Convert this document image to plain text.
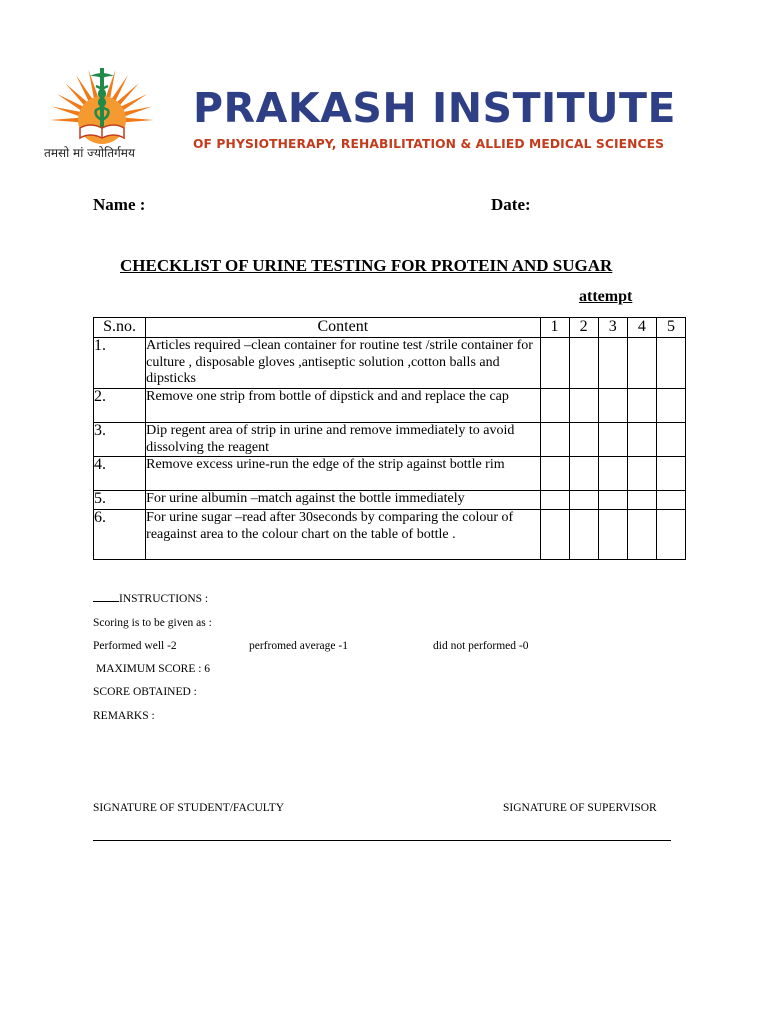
तमसो मां ज्योतिर्गमय
PRAKASH INSTITUTE
OF PHYSIOTHERAPY, REHABILITATION & ALLIED MEDICAL SCIENCES
Name :	Date:
CHECKLIST OF URINE TESTING FOR PROTEIN AND SUGAR
attempt
S.no.	Content	1	2	3	4	5
1.	Articles required –clean container for routine test /strile container for culture , disposable gloves ,antiseptic solution ,cotton balls and dipsticks					
2.	Remove one strip from bottle of dipstick and and replace the cap					
3.	Dip regent area of strip in urine and remove immediately to avoid dissolving the reagent					
4.	Remove excess urine-run the edge of the strip against bottle rim					
5.	For urine albumin –match against the bottle immediately					
6.	For urine sugar –read after 30seconds by comparing the colour of reagainst area to the colour chart on the table of bottle .					
INSTRUCTIONS :
Scoring is to be given as :
Performed well -2	perfromed average -1	did not performed -0
MAXIMUM SCORE : 6
SCORE OBTAINED :
REMARKS :
SIGNATURE OF STUDENT/FACULTY	SIGNATURE OF SUPERVISOR
